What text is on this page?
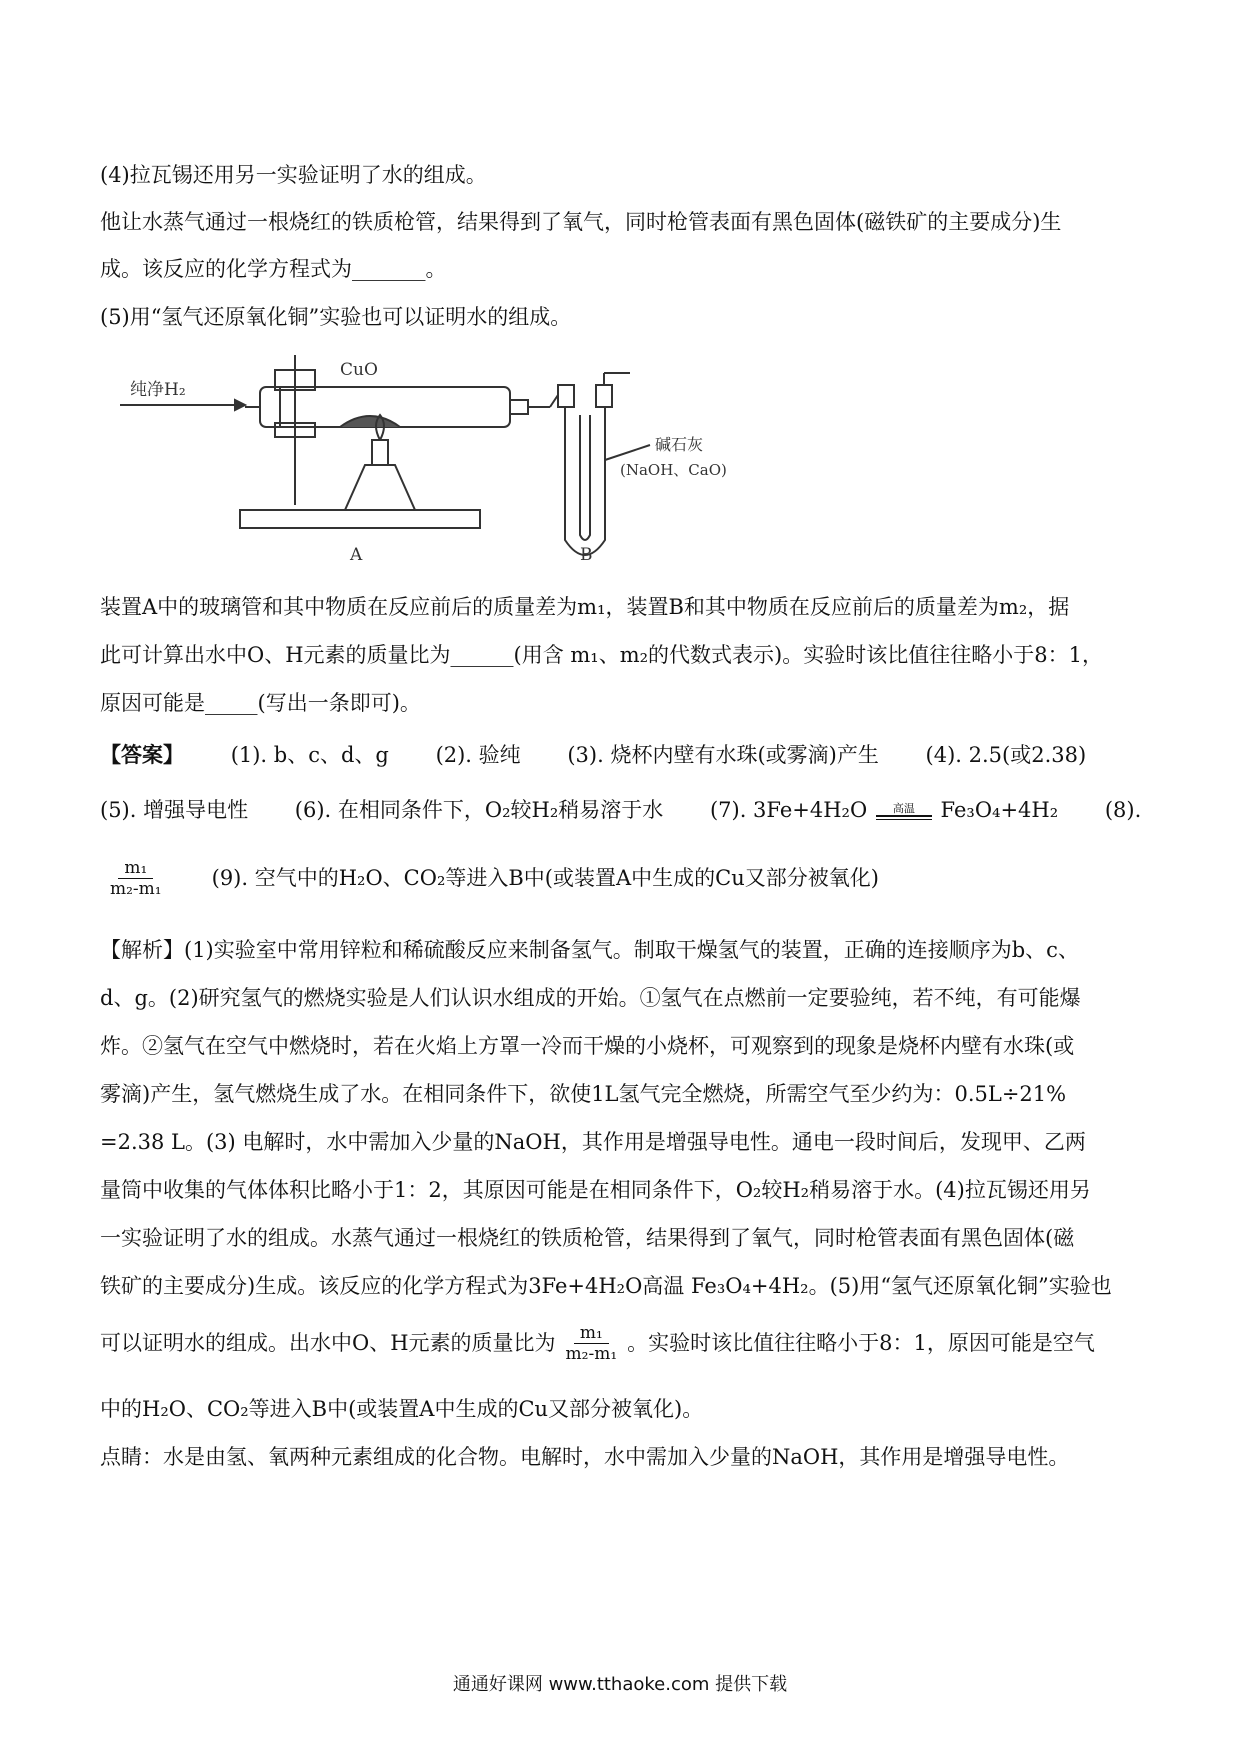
(4)拉瓦锡还用另一实验证明了水的组成。
他让水蒸气通过一根烧红的铁质枪管，结果得到了氧气，同时枪管表面有黑色固体(磁铁矿的主要成分)生
成。该反应的化学方程式为_______。
(5)用“氢气还原氧化铜”实验也可以证明水的组成。
纯净H₂
CuO
碱石灰
(NaOH、CaO)
A	B
装置A中的玻璃管和其中物质在反应前后的质量差为m₁，装置B和其中物质在反应前后的质量差为m₂，据
此可计算出水中O、H元素的质量比为______(用含 m₁、m₂的代数式表示)。实验时该比值往往略小于8：1，
原因可能是_____(写出一条即可)。
【答案】 (1). b、c、d、g (2). 验纯 (3). 烧杯内壁有水珠(或雾滴)产生 (4). 2.5(或2.38)
(5). 增强导电性 (6). 在相同条件下，O₂较H₂稍易溶于水 (7). 3Fe+4H₂O 高温 Fe₃O₄+4H₂ (8).
$\frac{\text{m₁}}{\text{m₂-m₁}} (9)$. 空气中的H₂O、CO₂等进入B中(或装置A中生成的Cu又部分被氧化)
【解析】(1)实验室中常用锌粒和稀硫酸反应来制备氢气。制取干燥氢气的装置，正确的连接顺序为b、c、
d、g。(2)研究氢气的燃烧实验是人们认识水组成的开始。①氢气在点燃前一定要验纯，若不纯，有可能爆
炸。②氢气在空气中燃烧时，若在火焰上方罩一冷而干燥的小烧杯，可观察到的现象是烧杯内壁有水珠(或
雾滴)产生，氢气燃烧生成了水。在相同条件下，欲使1L氢气完全燃烧，所需空气至少约为：0.5L÷21%
=2.38 L。(3) 电解时，水中需加入少量的NaOH，其作用是增强导电性。通电一段时间后，发现甲、乙两
量筒中收集的气体体积比略小于1：2，其原因可能是在相同条件下，O₂较H₂稍易溶于水。(4)拉瓦锡还用另
一实验证明了水的组成。水蒸气通过一根烧红的铁质枪管，结果得到了氧气，同时枪管表面有黑色固体(磁
铁矿的主要成分)生成。该反应的化学方程式为3Fe+4H₂O高温 Fe₃O₄+4H₂。(5)用“氢气还原氧化铜”实验也
可以证明水的组成。出水中O、H元素的质量比为 $\frac{\text{m₁}}{\text{m₂-m₁}}$ 。实验时该比值往往略小于8：1，原因可能是空气
中的H₂O、CO₂等进入B中(或装置A中生成的Cu又部分被氧化)。
点睛：水是由氢、氧两种元素组成的化合物。电解时，水中需加入少量的NaOH，其作用是增强导电性。
通通好课网 www.tthaoke.com 提供下载
